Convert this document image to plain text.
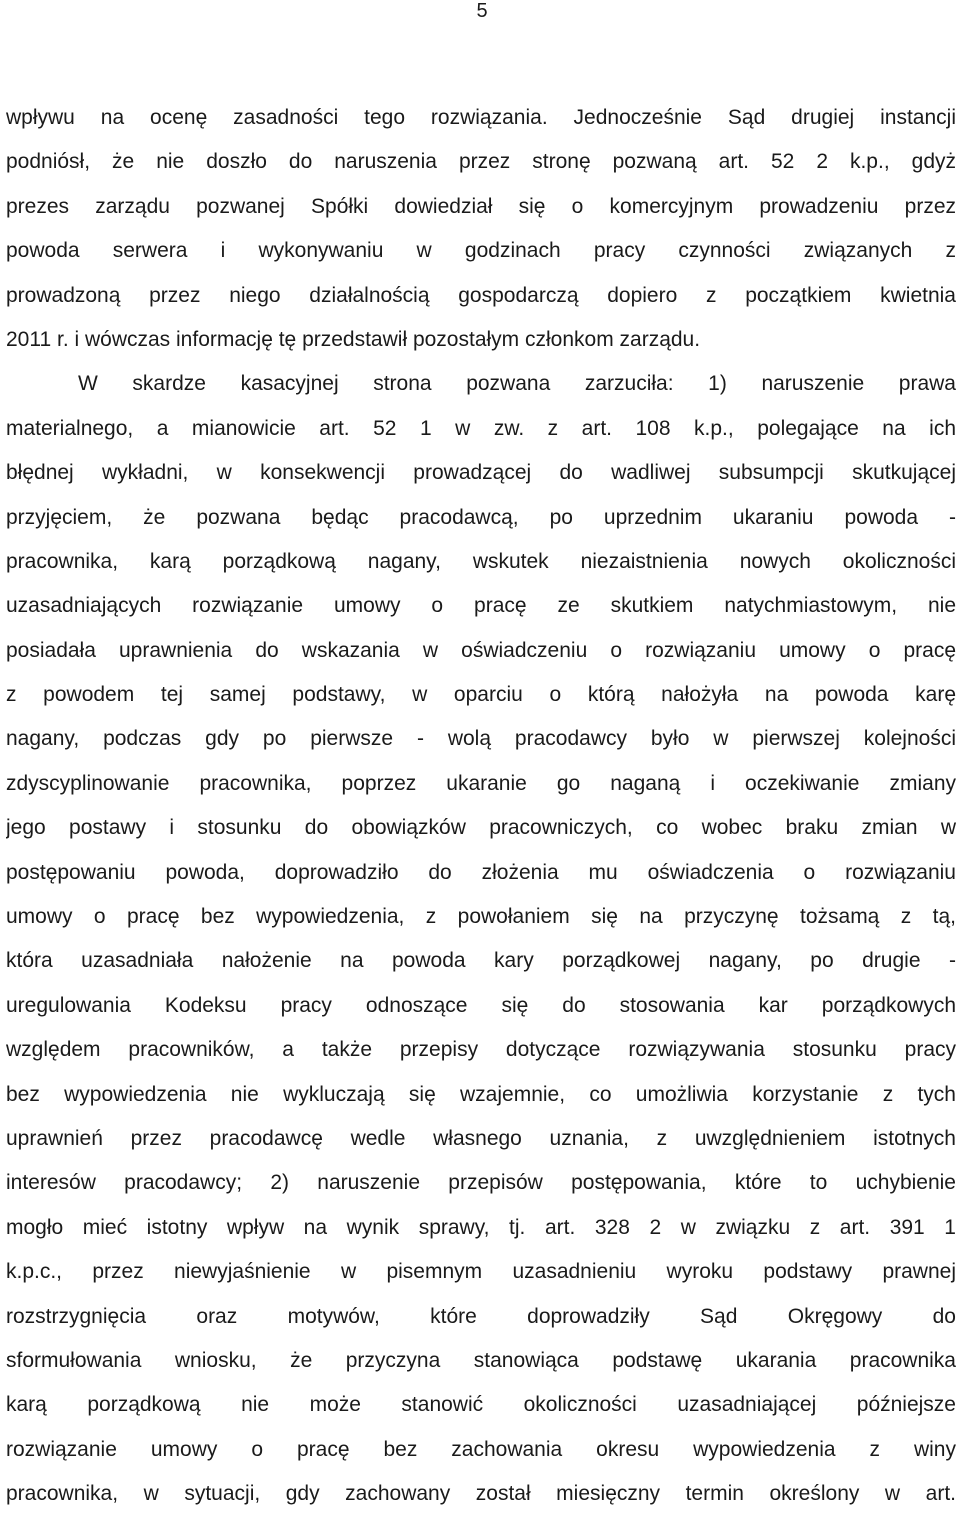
5
wpływu na ocenę zasadności tego rozwiązania. Jednocześnie Sąd drugiej instancji
podniósł, że nie doszło do naruszenia przez stronę pozwaną art. 52 2 k.p., gdyż
prezes zarządu pozwanej Spółki dowiedział się o komercyjnym prowadzeniu przez
powoda serwera i wykonywaniu w godzinach pracy czynności związanych z
prowadzoną przez niego działalnością gospodarczą dopiero z początkiem kwietnia
2011 r. i wówczas informację tę przedstawił pozostałym członkom zarządu.
W skardze kasacyjnej strona pozwana zarzuciła: 1) naruszenie prawa
materialnego, a mianowicie art. 52 1 w zw. z art. 108 k.p., polegające na ich
błędnej wykładni, w konsekwencji prowadzącej do wadliwej subsumpcji skutkującej
przyjęciem, że pozwana będąc pracodawcą, po uprzednim ukaraniu powoda -
pracownika, karą porządkową nagany, wskutek niezaistnienia nowych okoliczności
uzasadniających rozwiązanie umowy o pracę ze skutkiem natychmiastowym, nie
posiadała uprawnienia do wskazania w oświadczeniu o rozwiązaniu umowy o pracę
z powodem tej samej podstawy, w oparciu o którą nałożyła na powoda karę
nagany, podczas gdy po pierwsze - wolą pracodawcy było w pierwszej kolejności
zdyscyplinowanie pracownika, poprzez ukaranie go naganą i oczekiwanie zmiany
jego postawy i stosunku do obowiązków pracowniczych, co wobec braku zmian w
postępowaniu powoda, doprowadziło do złożenia mu oświadczenia o rozwiązaniu
umowy o pracę bez wypowiedzenia, z powołaniem się na przyczynę tożsamą z tą,
która uzasadniała nałożenie na powoda kary porządkowej nagany, po drugie -
uregulowania Kodeksu pracy odnoszące się do stosowania kar porządkowych
względem pracowników, a także przepisy dotyczące rozwiązywania stosunku pracy
bez wypowiedzenia nie wykluczają się wzajemnie, co umożliwia korzystanie z tych
uprawnień przez pracodawcę wedle własnego uznania, z uwzględnieniem istotnych
interesów pracodawcy; 2) naruszenie przepisów postępowania, które to uchybienie
mogło mieć istotny wpływ na wynik sprawy, tj. art. 328 2 w związku z art. 391 1
k.p.c., przez niewyjaśnienie w pisemnym uzasadnieniu wyroku podstawy prawnej
rozstrzygnięcia oraz motywów, które doprowadziły Sąd Okręgowy do
sformułowania wniosku, że przyczyna stanowiąca podstawę ukarania pracownika
karą porządkową nie może stanowić okoliczności uzasadniającej późniejsze
rozwiązanie umowy o pracę bez zachowania okresu wypowiedzenia z winy
pracownika, w sytuacji, gdy zachowany został miesięczny termin określony w art.
